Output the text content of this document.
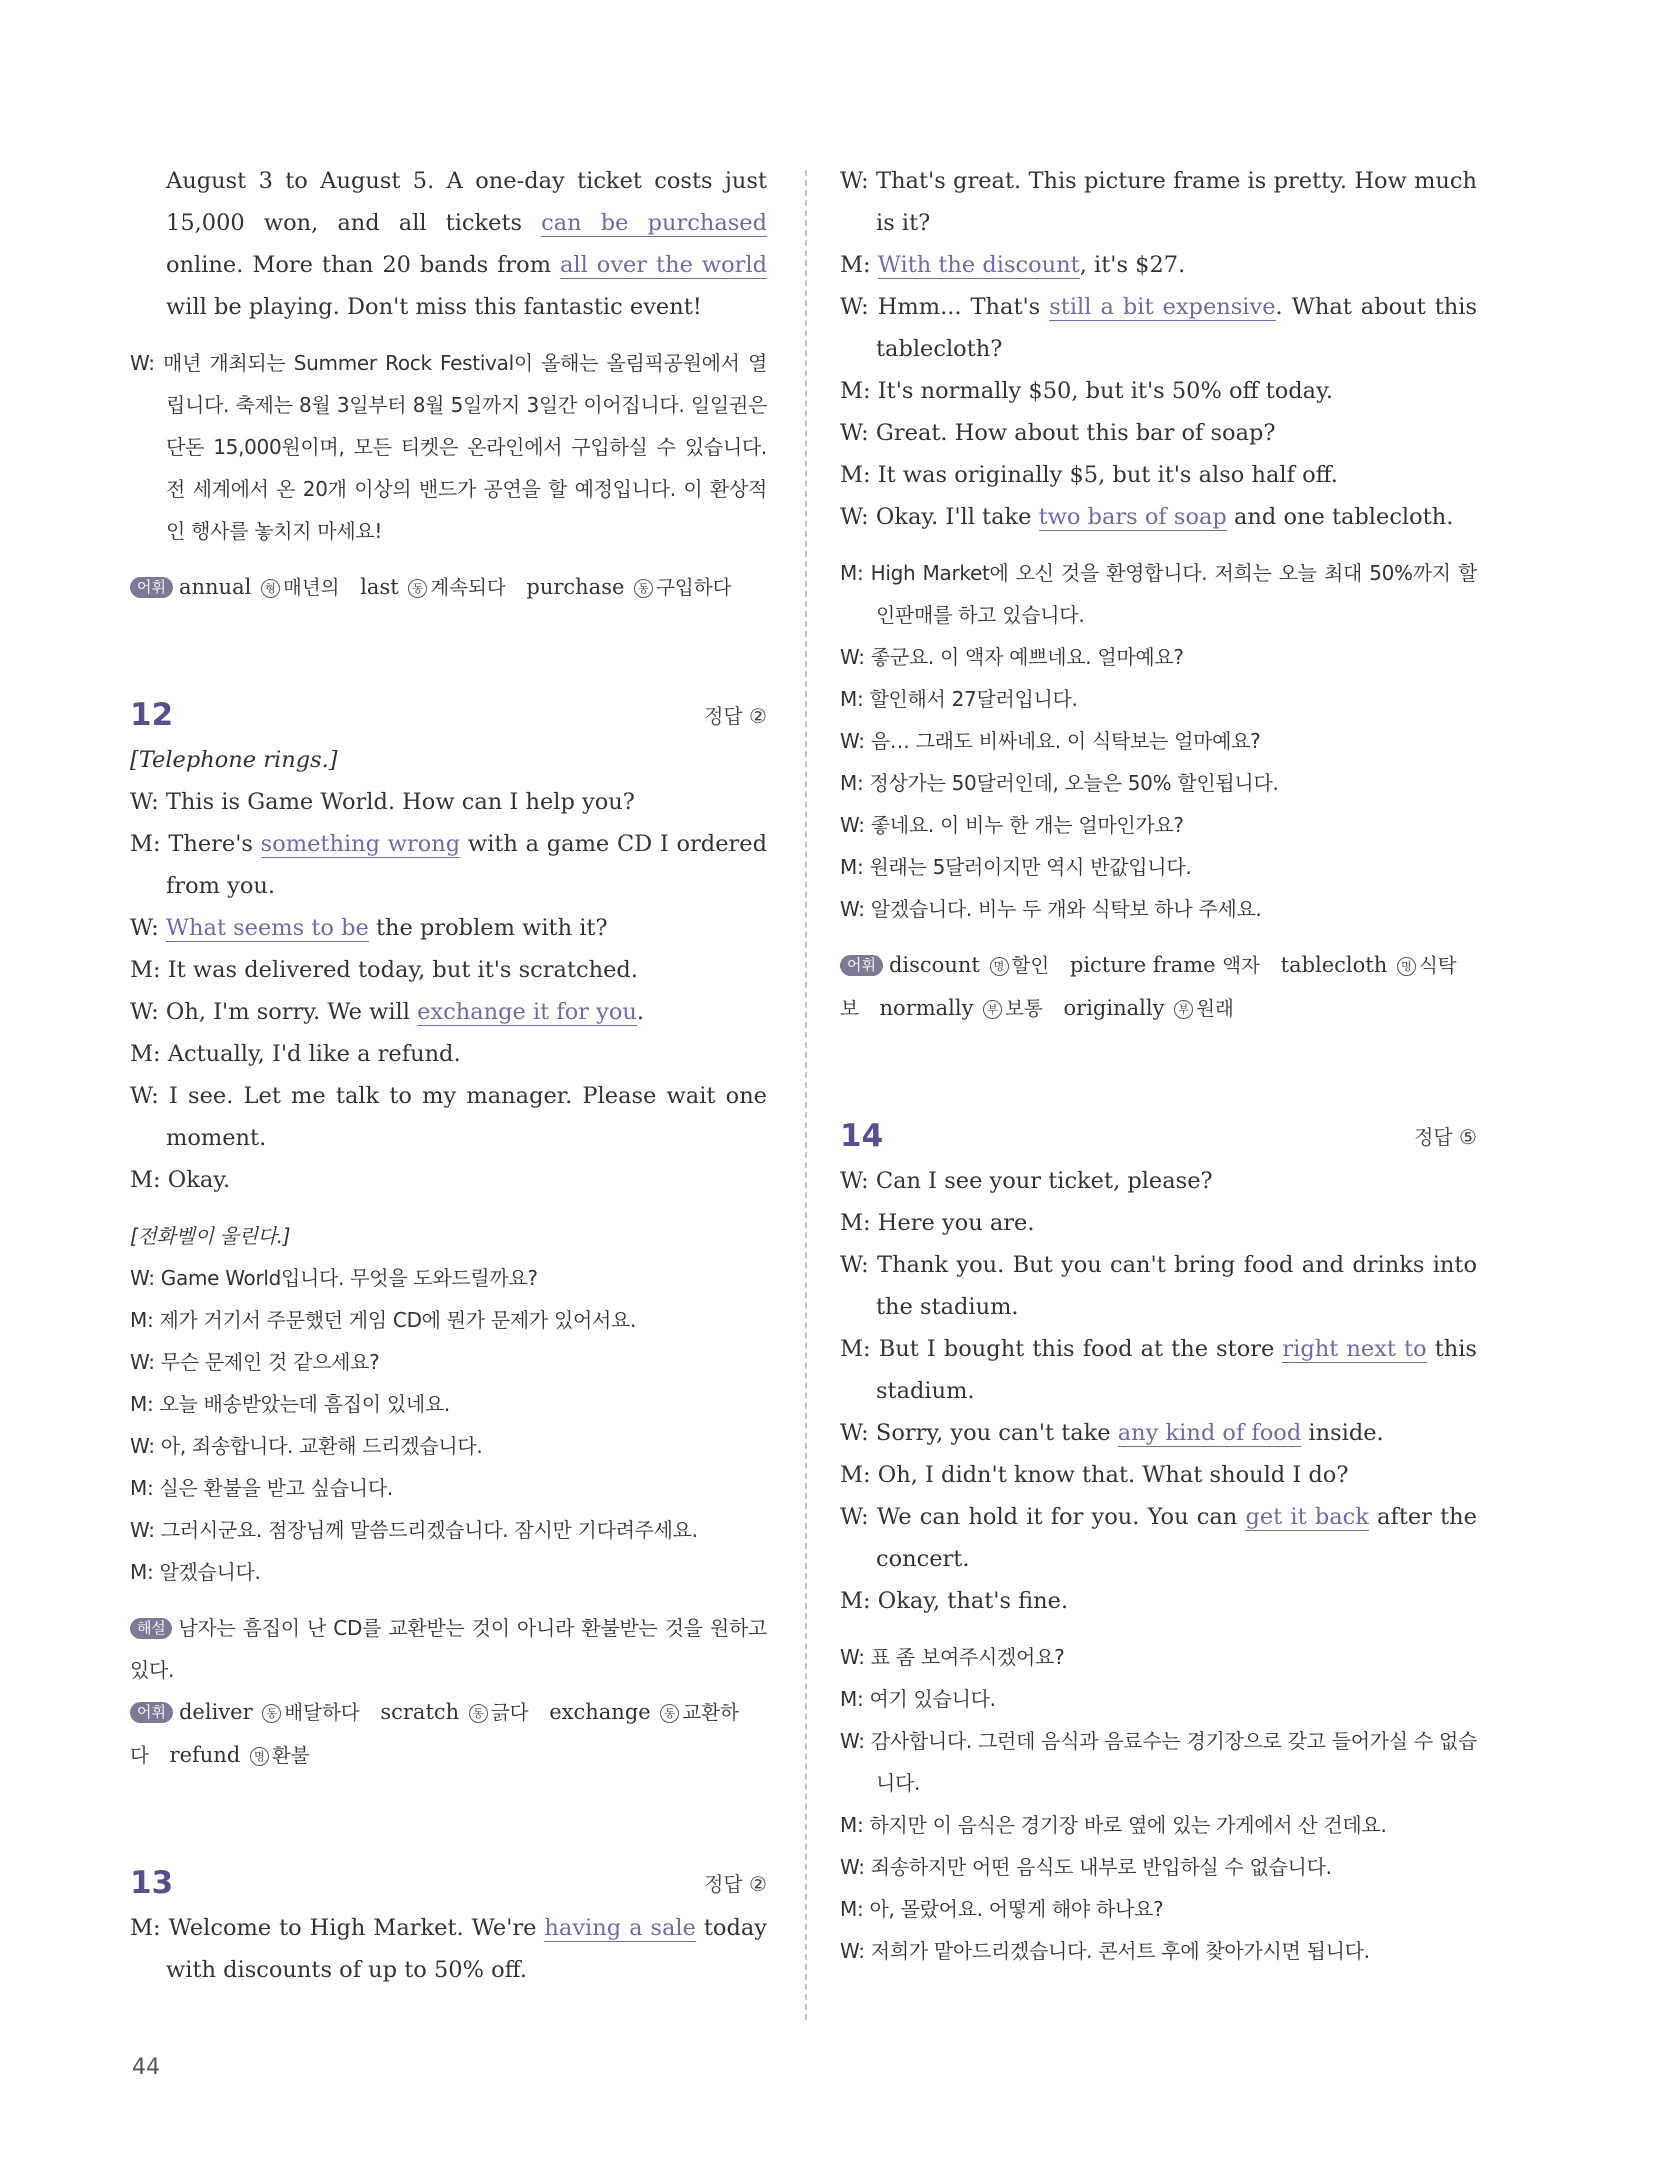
August 3 to August 5. A one-day ticket costs just 15,000 won, and all tickets can be purchased online. More than 20 bands from all over the world will be playing. Don't miss this fantastic event!
W: 매년 개최되는 Summer Rock Festival이 올해는 올림픽공원에서 열립니다. 축제는 8월 3일부터 8월 5일까지 3일간 이어집니다. 일일권은 단돈 15,000원이며, 모든 티켓은 온라인에서 구입하실 수 있습니다. 전 세계에서 온 20개 이상의 밴드가 공연을 할 예정입니다. 이 환상적인 행사를 놓치지 마세요!
어휘 annual 형 매년의 last 동 계속되다 purchase 동 구입하다
12	정답 ②
[Telephone rings.]
W: This is Game World. How can I help you?
M: There's something wrong with a game CD I ordered from you.
W: What seems to be the problem with it?
M: It was delivered today, but it's scratched.
W: Oh, I'm sorry. We will exchange it for you.
M: Actually, I'd like a refund.
W: I see. Let me talk to my manager. Please wait one moment.
M: Okay.
[전화벨이 울린다.]
W: Game World입니다. 무엇을 도와드릴까요?
M: 제가 거기서 주문했던 게임 CD에 뭔가 문제가 있어서요.
W: 무슨 문제인 것 같으세요?
M: 오늘 배송받았는데 흠집이 있네요.
W: 아, 죄송합니다. 교환해 드리겠습니다.
M: 실은 환불을 받고 싶습니다.
W: 그러시군요. 점장님께 말씀드리겠습니다. 잠시만 기다려주세요.
M: 알겠습니다.
해설 남자는 흠집이 난 CD를 교환받는 것이 아니라 환불받는 것을 원하고 있다.
어휘 deliver 동 배달하다 scratch 동 긁다 exchange 동 교환하다 refund 명 환불
13	정답 ②
M: Welcome to High Market. We're having a sale today with discounts of up to 50% off.
W: That's great. This picture frame is pretty. How much is it?
M: With the discount, it's $27.
W: Hmm... That's still a bit expensive. What about this tablecloth?
M: It's normally $50, but it's 50% off today.
W: Great. How about this bar of soap?
M: It was originally $5, but it's also half off.
W: Okay. I'll take two bars of soap and one tablecloth.
M: High Market에 오신 것을 환영합니다. 저희는 오늘 최대 50%까지 할인판매를 하고 있습니다.
W: 좋군요. 이 액자 예쁘네요. 얼마예요?
M: 할인해서 27달러입니다.
W: 음… 그래도 비싸네요. 이 식탁보는 얼마예요?
M: 정상가는 50달러인데, 오늘은 50% 할인됩니다.
W: 좋네요. 이 비누 한 개는 얼마인가요?
M: 원래는 5달러이지만 역시 반값입니다.
W: 알겠습니다. 비누 두 개와 식탁보 하나 주세요.
어휘 discount 명 할인 picture frame 액자 tablecloth 명 식탁보 normally 부 보통 originally 부 원래
14	정답 ⑤
W: Can I see your ticket, please?
M: Here you are.
W: Thank you. But you can't bring food and drinks into the stadium.
M: But I bought this food at the store right next to this stadium.
W: Sorry, you can't take any kind of food inside.
M: Oh, I didn't know that. What should I do?
W: We can hold it for you. You can get it back after the concert.
M: Okay, that's fine.
W: 표 좀 보여주시겠어요?
M: 여기 있습니다.
W: 감사합니다. 그런데 음식과 음료수는 경기장으로 갖고 들어가실 수 없습니다.
M: 하지만 이 음식은 경기장 바로 옆에 있는 가게에서 산 건데요.
W: 죄송하지만 어떤 음식도 내부로 반입하실 수 없습니다.
M: 아, 몰랐어요. 어떻게 해야 하나요?
W: 저희가 맡아드리겠습니다. 콘서트 후에 찾아가시면 됩니다.
44
